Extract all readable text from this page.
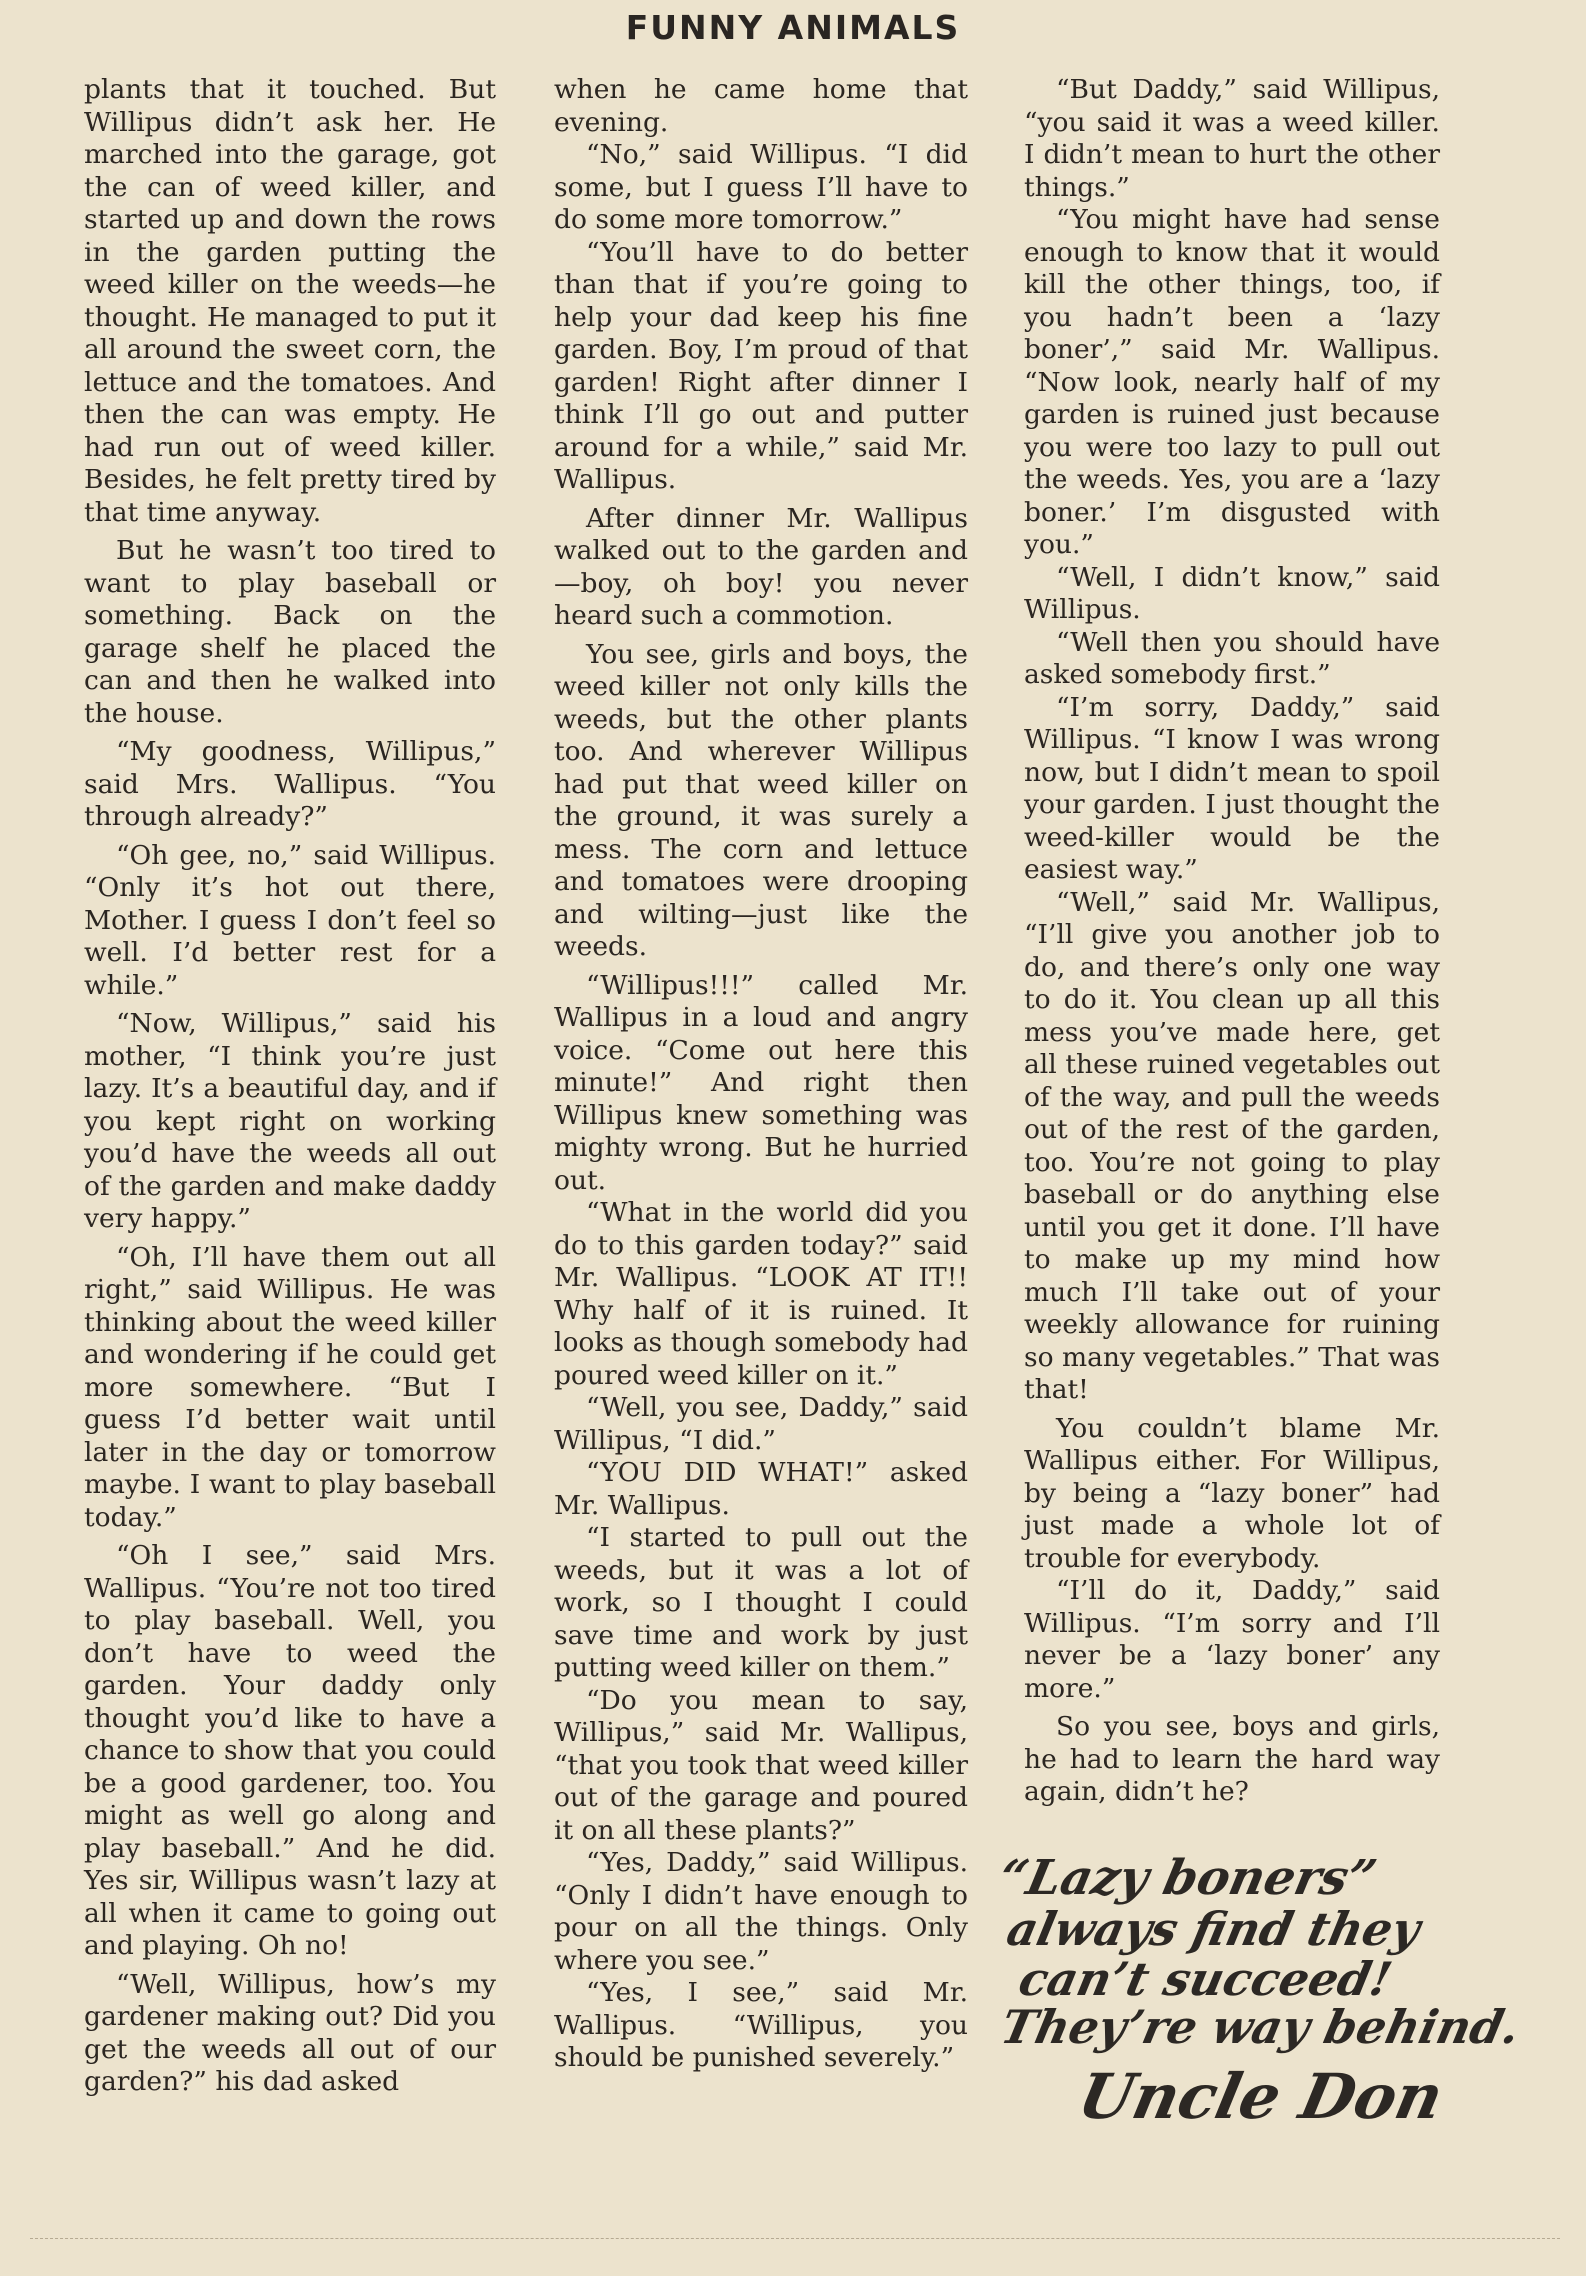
FUNNY ANIMALS

plants that it touched. But Willipus didn’t ask her. He marched into the garage, got the can of weed killer, and started up and down the rows in the garden putting the weed killer on the weeds—he thought. He managed to put it all around the sweet corn, the lettuce and the tomatoes. And then the can was empty. He had run out of weed killer. Besides, he felt pretty tired by that time anyway.

But he wasn’t too tired to want to play baseball or something. Back on the garage shelf he placed the can and then he walked into the house.

“My goodness, Willipus,” said Mrs. Wallipus. “You through already?”

“Oh gee, no,” said Willipus. “Only it’s hot out there, Mother. I guess I don’t feel so well. I’d better rest for a while.”

“Now, Willipus,” said his mother, “I think you’re just lazy. It’s a beautiful day, and if you kept right on working you’d have the weeds all out of the garden and make daddy very happy.”

“Oh, I’ll have them out all right,” said Willipus. He was thinking about the weed killer and wondering if he could get more somewhere. “But I guess I’d better wait until later in the day or tomorrow maybe. I want to play baseball today.”

“Oh I see,” said Mrs. Wallipus. “You’re not too tired to play baseball. Well, you don’t have to weed the garden. Your daddy only thought you’d like to have a chance to show that you could be a good gardener, too. You might as well go along and play baseball.” And he did. Yes sir, Willipus wasn’t lazy at all when it came to going out and playing. Oh no!

“Well, Willipus, how’s my gardener making out? Did you get the weeds all out of our garden?” his dad asked

when he came home that evening.

“No,” said Willipus. “I did some, but I guess I’ll have to do some more tomorrow.”

“You’ll have to do better than that if you’re going to help your dad keep his fine garden. Boy, I’m proud of that garden! Right after dinner I think I’ll go out and putter around for a while,” said Mr. Wallipus.

After dinner Mr. Wallipus walked out to the garden and—boy, oh boy! you never heard such a commotion.

You see, girls and boys, the weed killer not only kills the weeds, but the other plants too. And wherever Willipus had put that weed killer on the ground, it was surely a mess. The corn and lettuce and tomatoes were drooping and wilting—just like the weeds.

“Willipus!!!” called Mr. Wallipus in a loud and angry voice. “Come out here this minute!” And right then Willipus knew something was mighty wrong. But he hurried out.

“What in the world did you do to this garden today?” said Mr. Wallipus. “LOOK AT IT!! Why half of it is ruined. It looks as though somebody had poured weed killer on it.”

“Well, you see, Daddy,” said Willipus, “I did.”

“YOU DID WHAT!” asked Mr. Wallipus.

“I started to pull out the weeds, but it was a lot of work, so I thought I could save time and work by just putting weed killer on them.”

“Do you mean to say, Willipus,” said Mr. Wallipus, “that you took that weed killer out of the garage and poured it on all these plants?”

“Yes, Daddy,” said Willipus. “Only I didn’t have enough to pour on all the things. Only where you see.”

“Yes, I see,” said Mr. Wallipus. “Willipus, you should be punished severely.”

“But Daddy,” said Willipus, “you said it was a weed killer. I didn’t mean to hurt the other things.”

“You might have had sense enough to know that it would kill the other things, too, if you hadn’t been a ‘lazy boner’,” said Mr. Wallipus. “Now look, nearly half of my garden is ruined just because you were too lazy to pull out the weeds. Yes, you are a ‘lazy boner.’ I’m disgusted with you.”

“Well, I didn’t know,” said Willipus.

“Well then you should have asked somebody first.”

“I’m sorry, Daddy,” said Willipus. “I know I was wrong now, but I didn’t mean to spoil your garden. I just thought the weed-killer would be the easiest way.”

“Well,” said Mr. Wallipus, “I’ll give you another job to do, and there’s only one way to do it. You clean up all this mess you’ve made here, get all these ruined vegetables out of the way, and pull the weeds out of the rest of the garden, too. You’re not going to play baseball or do anything else until you get it done. I’ll have to make up my mind how much I’ll take out of your weekly allowance for ruining so many vegetables.” That was that!

You couldn’t blame Mr. Wallipus either. For Willipus, by being a “lazy boner” had just made a whole lot of trouble for everybody.

“I’ll do it, Daddy,” said Willipus. “I’m sorry and I’ll never be a ‘lazy boner’ any more.”

So you see, boys and girls, he had to learn the hard way again, didn’t he?

“Lazy boners”
always find they
can’t succeed!
They’re way behind.
Uncle Don
